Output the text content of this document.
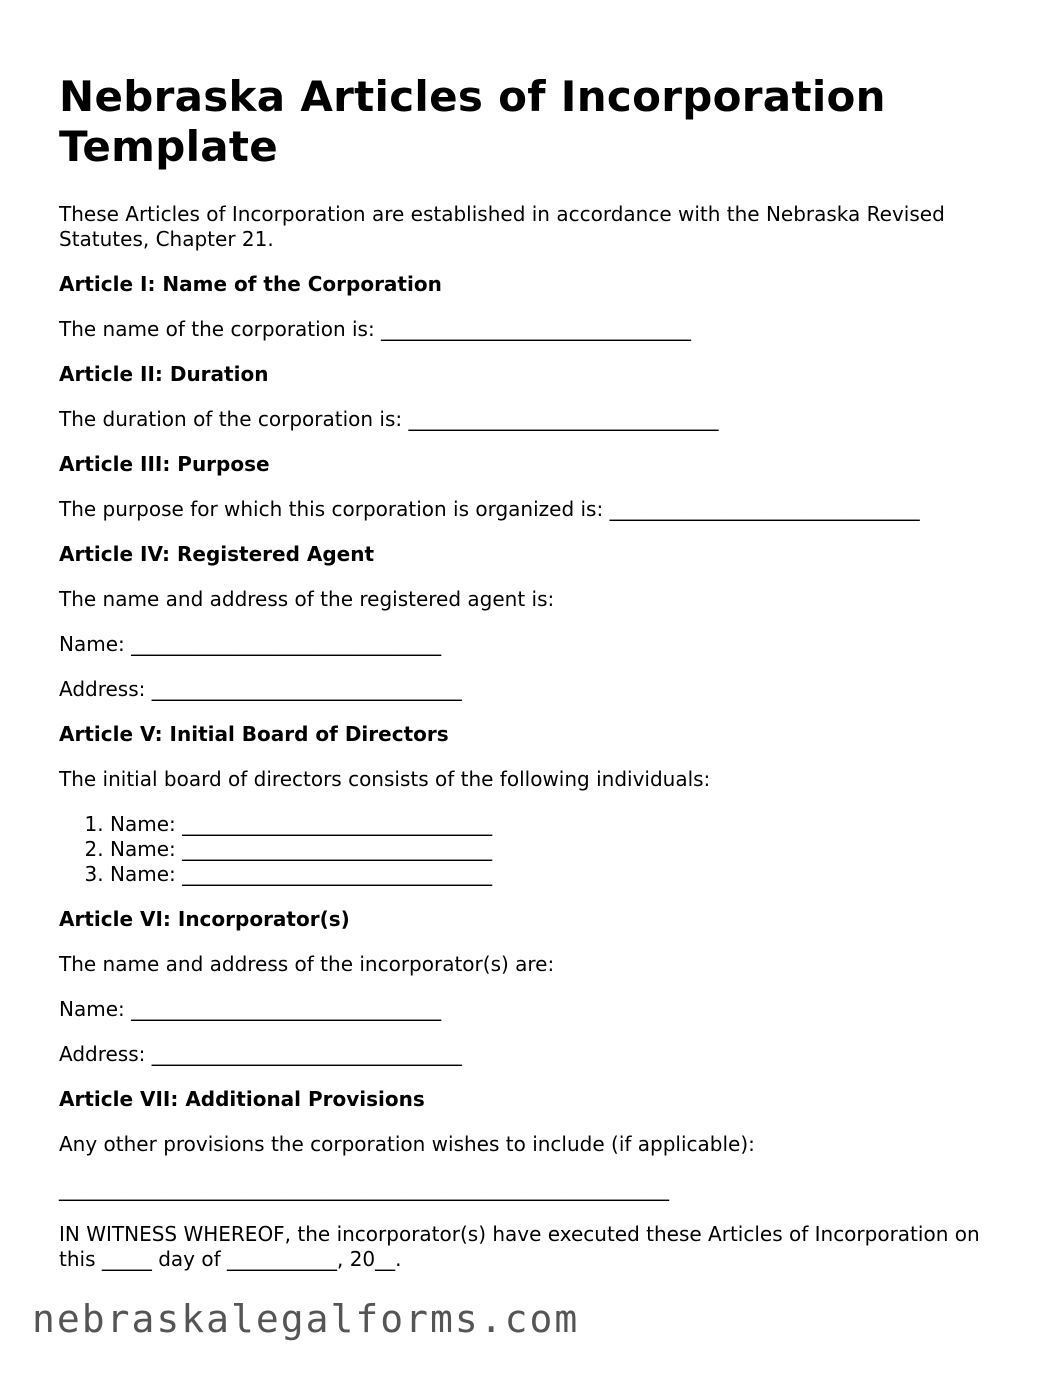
Nebraska Articles of Incorporation Template

These Articles of Incorporation are established in accordance with the Nebraska Revised Statutes, Chapter 21.

Article I: Name of the Corporation

The name of the corporation is: _______________________________

Article II: Duration

The duration of the corporation is: _______________________________

Article III: Purpose

The purpose for which this corporation is organized is: _______________________________

Article IV: Registered Agent

The name and address of the registered agent is:

Name: _______________________________

Address: _______________________________

Article V: Initial Board of Directors

The initial board of directors consists of the following individuals:

1. Name: _______________________________
2. Name: _______________________________
3. Name: _______________________________
Article VI: Incorporator(s)

The name and address of the incorporator(s) are:

Name: _______________________________

Address: _______________________________

Article VII: Additional Provisions

Any other provisions the corporation wishes to include (if applicable):

_____________________________________________________________

IN WITNESS WHEREOF, the incorporator(s) have executed these Articles of Incorporation on this _____ day of ___________, 20__.

nebraskalegalforms.com
